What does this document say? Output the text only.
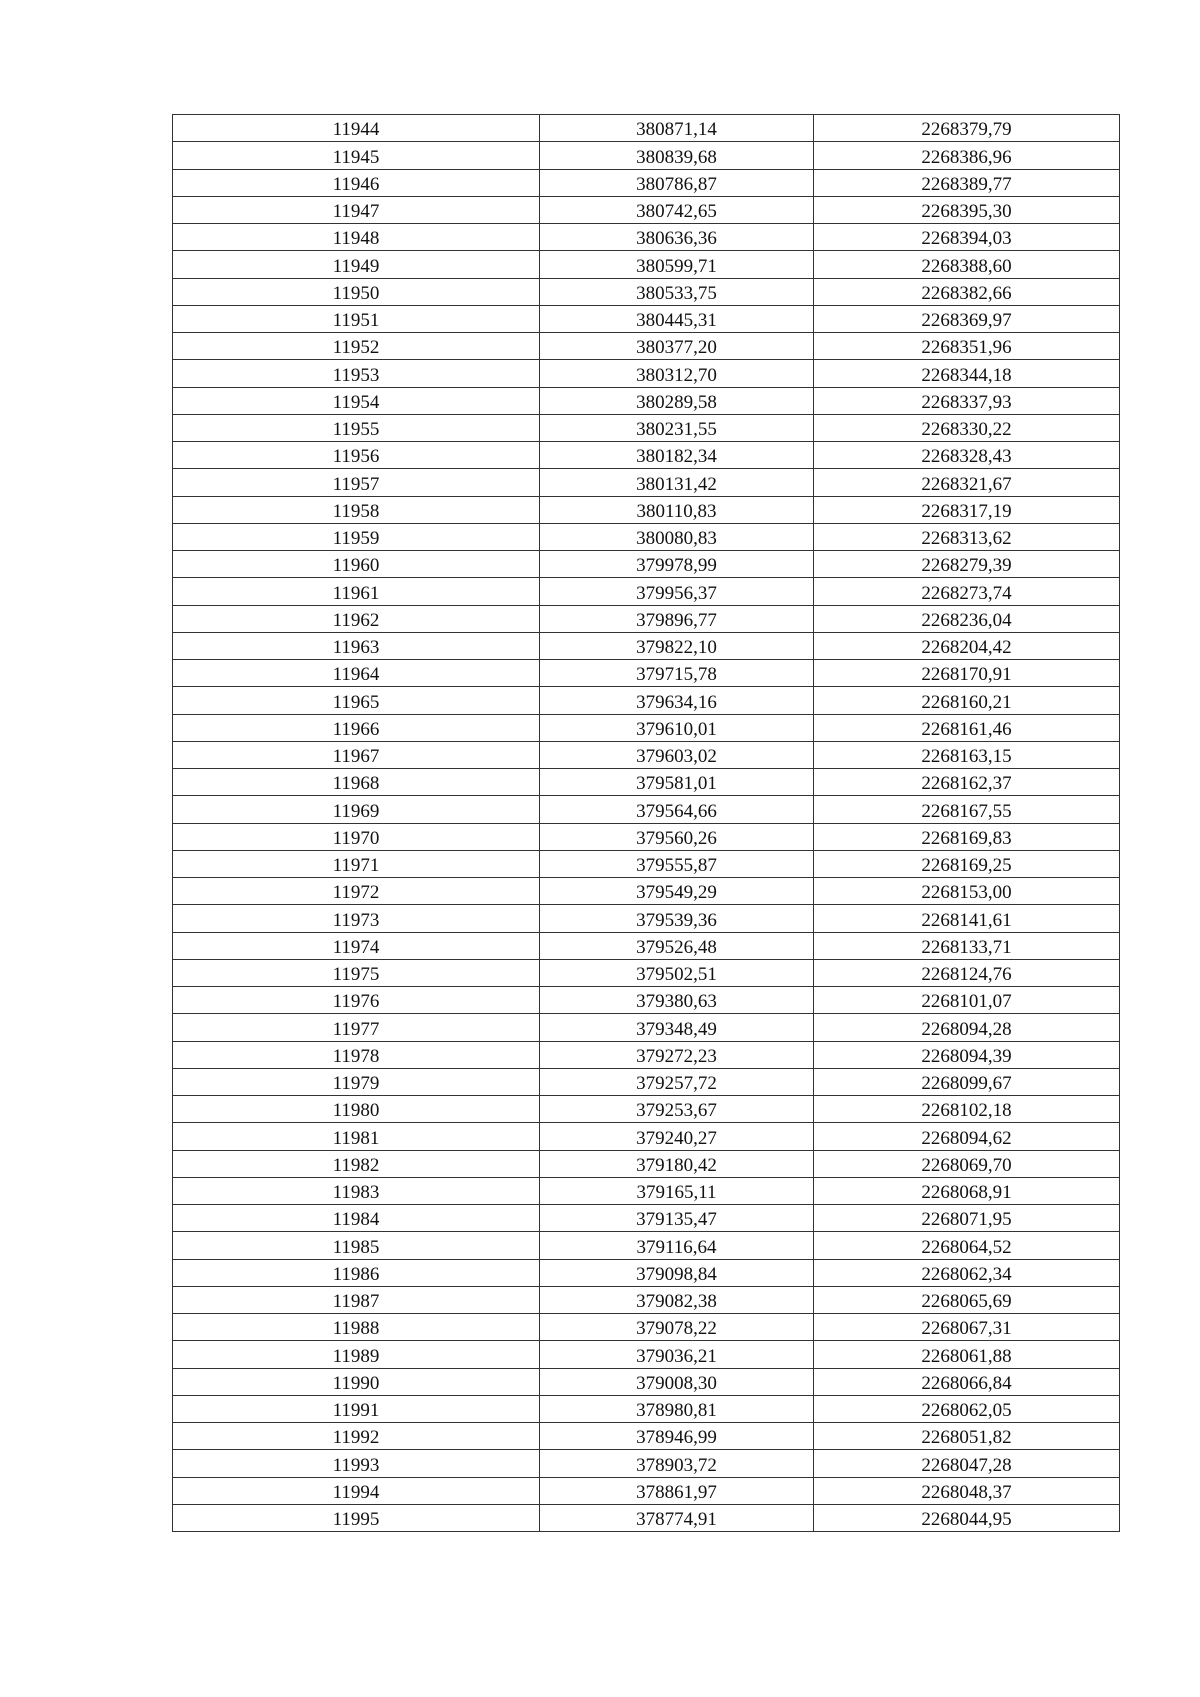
11944	380871,14	2268379,79
11945	380839,68	2268386,96
11946	380786,87	2268389,77
11947	380742,65	2268395,30
11948	380636,36	2268394,03
11949	380599,71	2268388,60
11950	380533,75	2268382,66
11951	380445,31	2268369,97
11952	380377,20	2268351,96
11953	380312,70	2268344,18
11954	380289,58	2268337,93
11955	380231,55	2268330,22
11956	380182,34	2268328,43
11957	380131,42	2268321,67
11958	380110,83	2268317,19
11959	380080,83	2268313,62
11960	379978,99	2268279,39
11961	379956,37	2268273,74
11962	379896,77	2268236,04
11963	379822,10	2268204,42
11964	379715,78	2268170,91
11965	379634,16	2268160,21
11966	379610,01	2268161,46
11967	379603,02	2268163,15
11968	379581,01	2268162,37
11969	379564,66	2268167,55
11970	379560,26	2268169,83
11971	379555,87	2268169,25
11972	379549,29	2268153,00
11973	379539,36	2268141,61
11974	379526,48	2268133,71
11975	379502,51	2268124,76
11976	379380,63	2268101,07
11977	379348,49	2268094,28
11978	379272,23	2268094,39
11979	379257,72	2268099,67
11980	379253,67	2268102,18
11981	379240,27	2268094,62
11982	379180,42	2268069,70
11983	379165,11	2268068,91
11984	379135,47	2268071,95
11985	379116,64	2268064,52
11986	379098,84	2268062,34
11987	379082,38	2268065,69
11988	379078,22	2268067,31
11989	379036,21	2268061,88
11990	379008,30	2268066,84
11991	378980,81	2268062,05
11992	378946,99	2268051,82
11993	378903,72	2268047,28
11994	378861,97	2268048,37
11995	378774,91	2268044,95
